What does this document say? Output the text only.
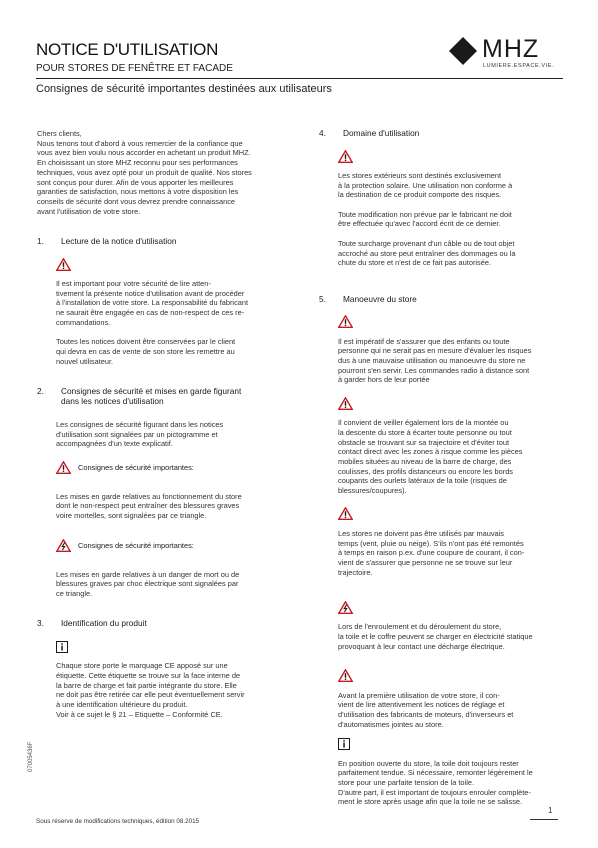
NOTICE D'UTILISATION
POUR STORES DE FENÊTRE ET FACADE
Consignes de sécurité importantes destinées aux utilisateurs
MHZ
LUMIERE.ESPACE.VIE.
Chers clients,
Nous tenons tout d'abord à vous remercier de la confiance que
vous avez bien voulu nous accorder en achetant un produit MHZ.
En choisissant un store MHZ reconnu pour ses performances
techniques, vous avez opté pour un produit de qualité. Nos stores
sont conçus pour durer. Afin de vous apporter les meilleures
garanties de satisfaction, nous mettons à votre disposition les
conseils de sécurité dont vous devrez prendre connaissance
avant l'utilisation de votre store.
1.	Lecture de la notice d'utilisation

Il est important pour votre sécurité de lire atten-
tivement la présente notice d'utilisation avant de procéder
à l'installation de votre store. La responsabilité du fabricant
ne saurait être engagée en cas de non-respect de ces re-
commandations.

Toutes les notices doivent être conservées par le client
qui devra en cas de vente de son store les remettre au
nouvel utilisateur.
2.	Consignes de sécurité et mises en garde figurant
dans les notices d'utilisation
Les consignes de sécurité figurant dans les notices
d'utilisation sont signalées par un pictogramme et
accompagnées d'un texte explicatif.
Consignes de sécurité importantes:
Les mises en garde relatives au fonctionnement du store
dont le non-respect peut entraîner des blessures graves
voire mortelles, sont signalées par ce triangle.
Consignes de sécurité importantes:
Les mises en garde relatives à un danger de mort ou de
blessures graves par choc électrique sont signalées par
ce triangle.
3.	Identification du produit

Chaque store porte le marquage CE apposé sur une
étiquette. Cette étiquette se trouve sur la face interne de
la barre de charge et fait partie intégrante du store. Elle
ne doit pas être retirée car elle peut éventuellement servir
à une identification ultérieure du produit.
Voir à ce sujet le § 21 – Etiquette – Conformité CE.

4.	Domaine d'utilisation

Les stores extérieurs sont destinés exclusivement
à la protection solaire. Une utilisation non conforme à
la destination de ce produit comporte des risques.

Toute modification non prévue par le fabricant ne doit
être effectuée qu'avec l'accord écrit de ce dernier.
Toute surcharge provenant d'un câble ou de tout objet
accroché au store peut entraîner des dommages ou la
chute du store et n'est de ce fait pas autorisée.
5.	Manoeuvre du store

Il est impératif de s'assurer que des enfants ou toute
personne qui ne serait pas en mesure d'évaluer les risques
dus à une mauvaise utilisation ou manoeuvre du store ne
pourront s'en servir. Les commandes radio à distance sont
à garder hors de leur portée

Il convient de veiller également lors de la montée ou
la descente du store à écarter toute personne ou tout
obstacle se trouvant sur sa trajectoire et d'éviter tout
contact direct avec les zones à risque comme les pièces
mobiles situées au niveau de la barre de charge, des
coulisses, des profils distanceurs ou encore les bords
coupants des ourlets latéraux de la toile (risques de
blessures/coupures).

Les stores ne doivent pas être utilisés par mauvais
temps (vent, pluie ou neige). S'ils n'ont pas été remontés
à temps en raison p.ex. d'une coupure de courant, il con-
vient de s'assurer que personne ne se trouve sur leur
trajectoire.

Lors de l'enroulement et du déroulement du store,
la toile et le coffre peuvent se charger en électricité statique
provoquant à leur contact une décharge électrique.

Avant la première utilisation de votre store, il con-
vient de lire attentivement les notices de réglage et
d'utilisation des fabricants de moteurs, d'inverseurs et
d'automatismes jointes au store.

En position ouverte du store, la toile doit toujours rester
parfaitement tendue. Si nécessaire, remonter légèrement le
store pour une parfaite tension de la toile.
D'autre part, il est important de toujours enrouler complète-
ment le store après usage afin que la toile ne se salisse.

07005436F
Sous réserve de modifications techniques, édition 08.2015
1
